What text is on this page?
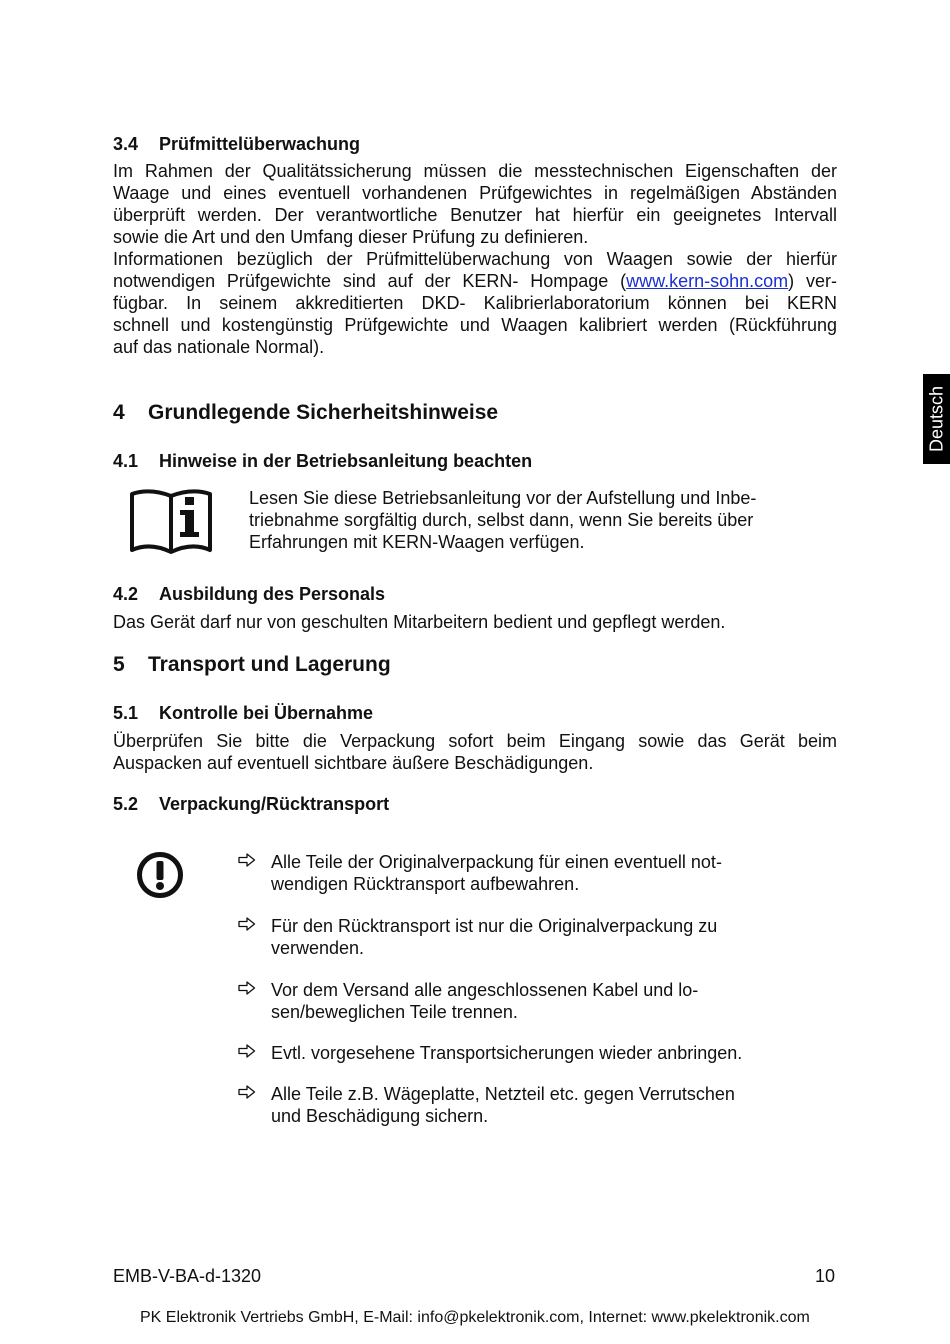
3.4 Prüfmittelüberwachung
Im Rahmen der Qualitätssicherung müssen die messtechnischen Eigenschaften der
Waage und eines eventuell vorhandenen Prüfgewichtes in regelmäßigen Abständen
überprüft werden. Der verantwortliche Benutzer hat hierfür ein geeignetes Intervall
sowie die Art und den Umfang dieser Prüfung zu definieren.
Informationen bezüglich der Prüfmittelüberwachung von Waagen sowie der hierfür
notwendigen Prüfgewichte sind auf der KERN- Hompage (www.kern-sohn.com) ver-
fügbar. In seinem akkreditierten DKD- Kalibrierlaboratorium können bei KERN
schnell und kostengünstig Prüfgewichte und Waagen kalibriert werden (Rückführung
auf das nationale Normal).
Deutsch
4 Grundlegende Sicherheitshinweise
4.1 Hinweise in der Betriebsanleitung beachten
Lesen Sie diese Betriebsanleitung vor der Aufstellung und Inbe-
triebnahme sorgfältig durch, selbst dann, wenn Sie bereits über
Erfahrungen mit KERN-Waagen verfügen.
4.2 Ausbildung des Personals
Das Gerät darf nur von geschulten Mitarbeitern bedient und gepflegt werden.
5 Transport und Lagerung
5.1 Kontrolle bei Übernahme
Überprüfen Sie bitte die Verpackung sofort beim Eingang sowie das Gerät beim
Auspacken auf eventuell sichtbare äußere Beschädigungen.
5.2 Verpackung/Rücktransport
Alle Teile der Originalverpackung für einen eventuell not-
wendigen Rücktransport aufbewahren.
Für den Rücktransport ist nur die Originalverpackung zu
verwenden.
Vor dem Versand alle angeschlossenen Kabel und lo-
sen/beweglichen Teile trennen.
Evtl. vorgesehene Transportsicherungen wieder anbringen.
Alle Teile z.B. Wägeplatte, Netzteil etc. gegen Verrutschen
und Beschädigung sichern.
EMB-V-BA-d-1320	10
PK Elektronik Vertriebs GmbH, E-Mail: info@pkelektronik.com, Internet: www.pkelektronik.com
